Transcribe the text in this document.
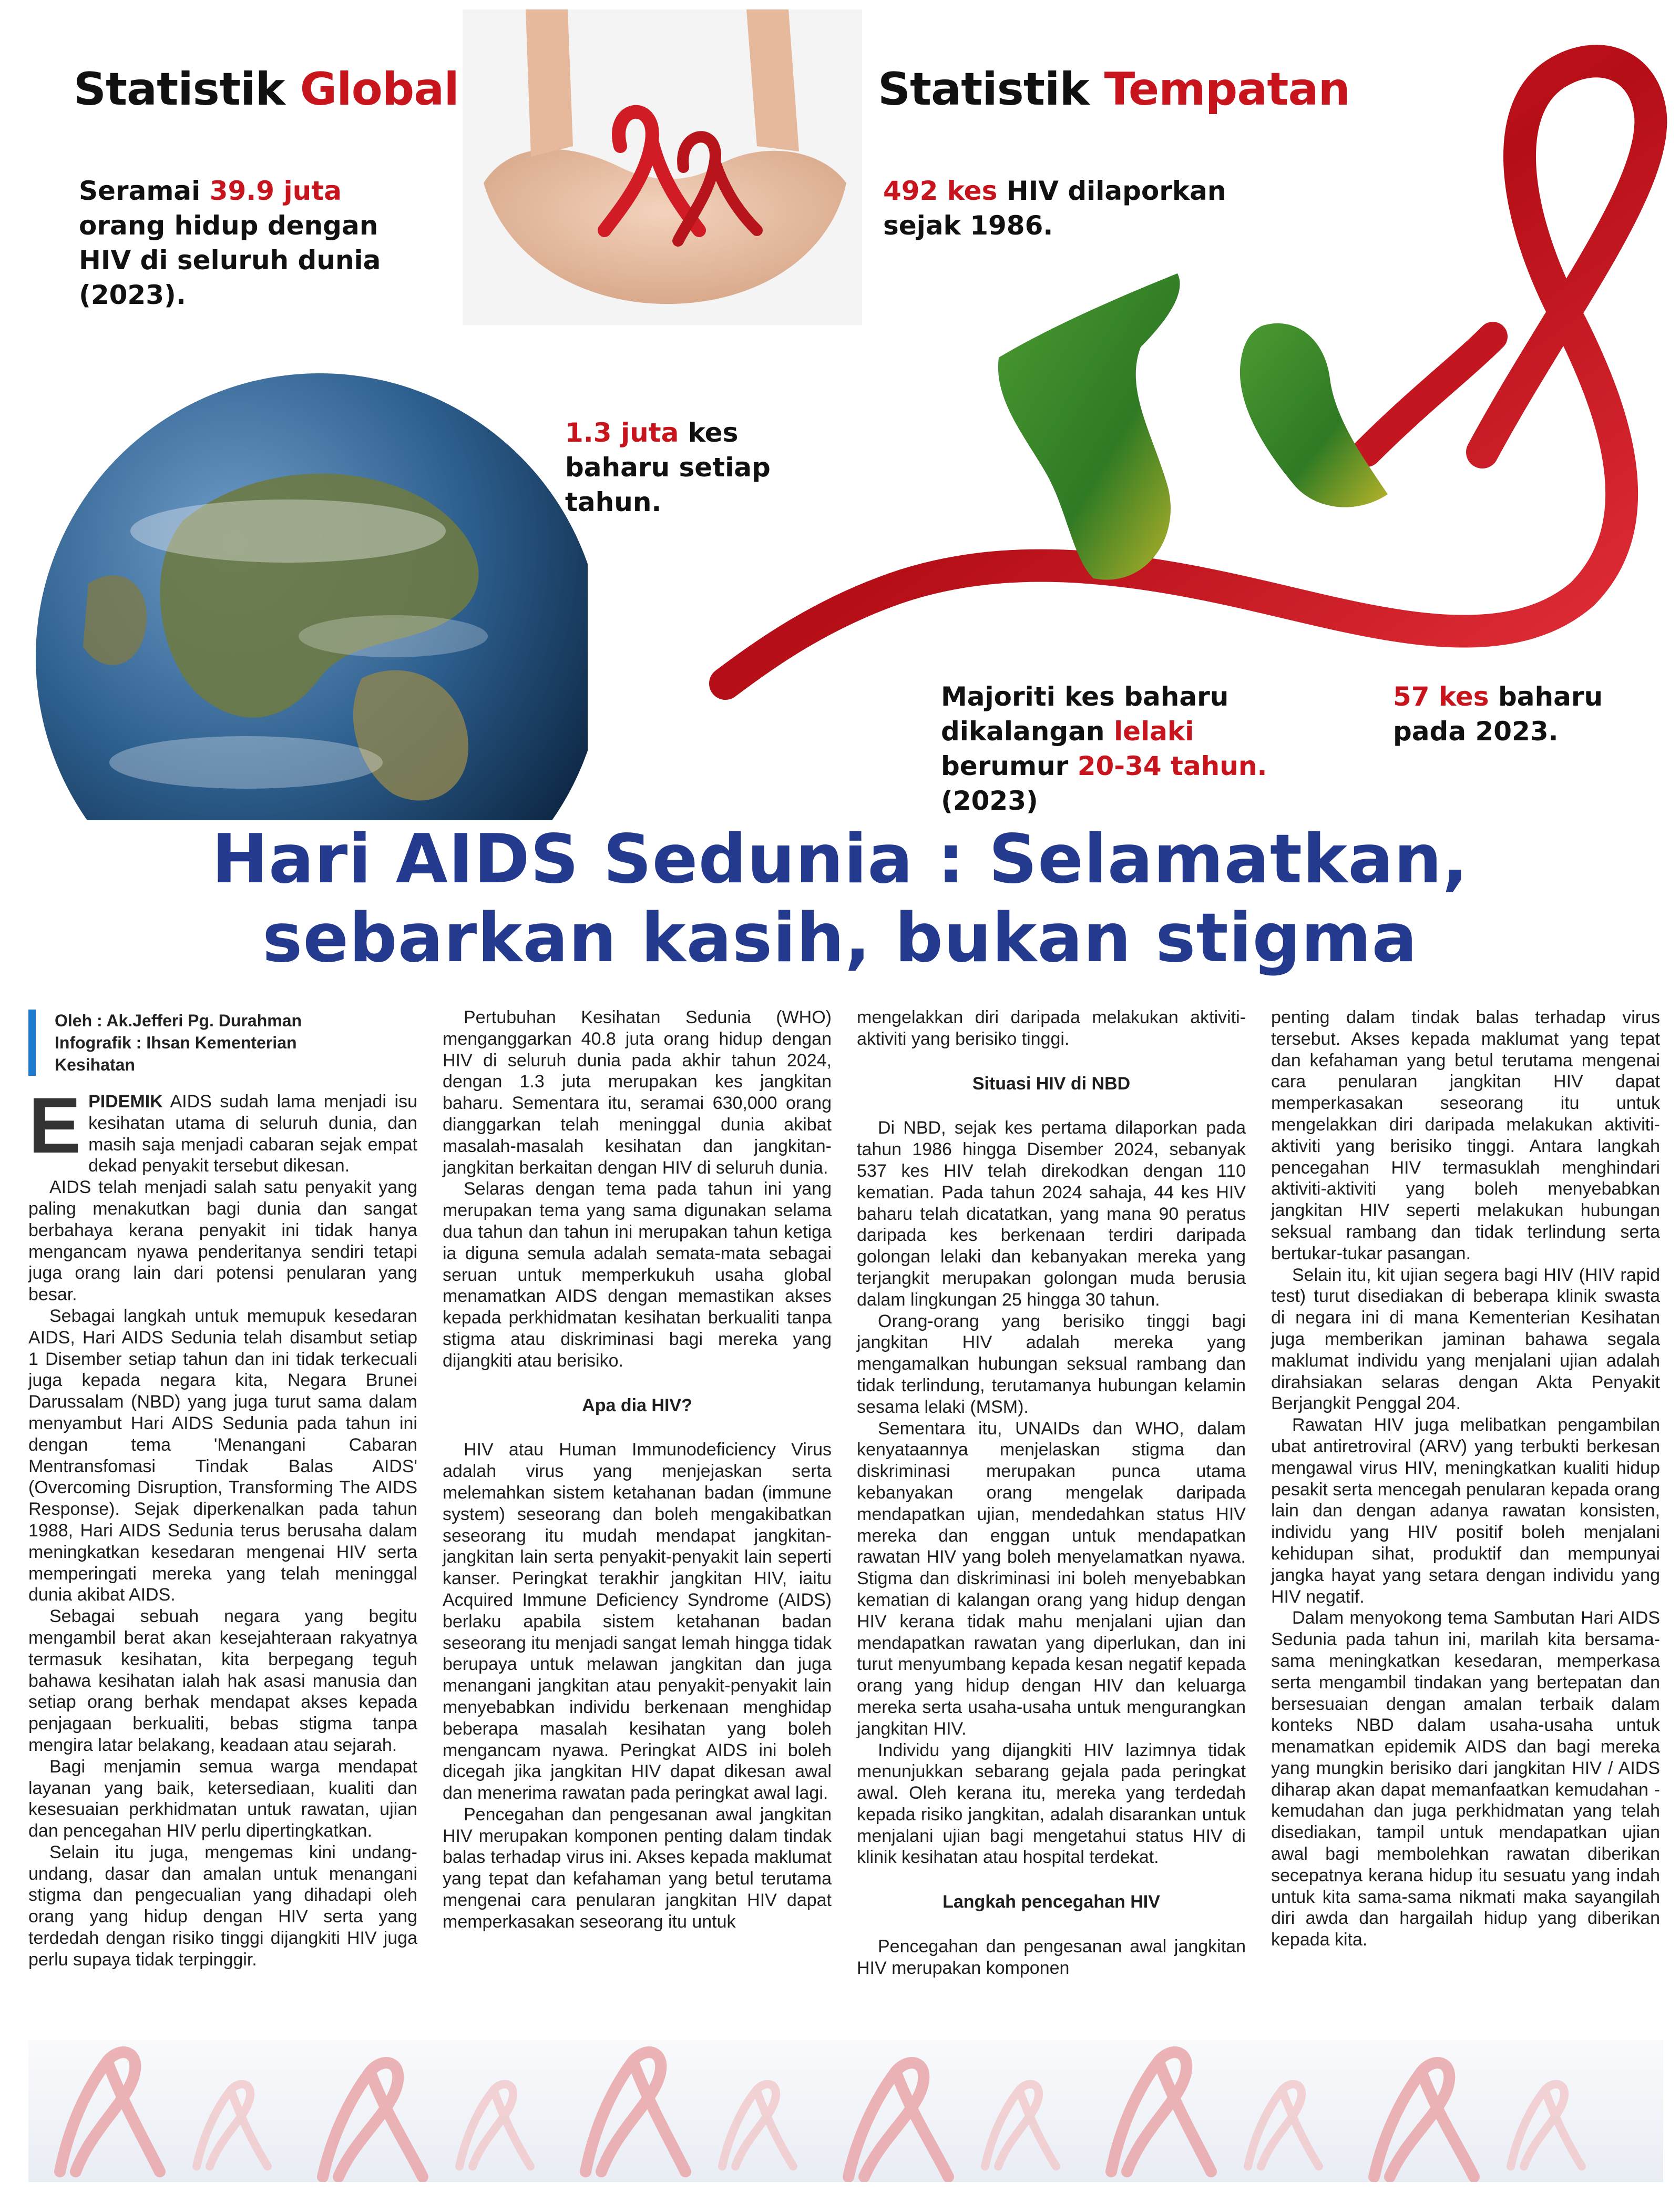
Statistik Global	Statistik Tempatan
Seramai 39.9 juta orang hidup dengan HIV di seluruh dunia (2023).
1.3 juta kes baharu setiap tahun.
492 kes HIV dilaporkan sejak 1986.
Majoriti kes baharu dikalangan lelaki berumur 20-34 tahun. (2023)
57 kes baharu pada 2023.
Hari AIDS Sedunia : Selamatkan,
sebarkan kasih, bukan stigma
Oleh : Ak.Jefferi Pg. Durahman
Infografik : Ihsan Kementerian
Kesihatan

EPIDEMIK AIDS sudah lama menjadi isu kesihatan utama di seluruh dunia, dan masih saja menjadi cabaran sejak empat dekad penyakit tersebut dikesan.

AIDS telah menjadi salah satu penyakit yang paling menakutkan bagi dunia dan sangat berbahaya kerana penyakit ini tidak hanya mengancam nyawa penderitanya sendiri tetapi juga orang lain dari potensi penularan yang besar.

Sebagai langkah untuk memupuk kesedaran AIDS, Hari AIDS Sedunia telah disambut setiap 1 Disember setiap tahun dan ini tidak terkecuali juga kepada negara kita, Negara Brunei Darussalam (NBD) yang juga turut sama dalam menyambut Hari AIDS Sedunia pada tahun ini dengan tema 'Menangani Cabaran Mentransfomasi Tindak Balas AIDS' (Overcoming Disruption, Transforming The AIDS Response). Sejak diperkenalkan pada tahun 1988, Hari AIDS Sedunia terus berusaha dalam meningkatkan kesedaran mengenai HIV serta memperingati mereka yang telah meninggal dunia akibat AIDS.

Sebagai sebuah negara yang begitu mengambil berat akan kesejahteraan rakyatnya termasuk kesihatan, kita berpegang teguh bahawa kesihatan ialah hak asasi manusia dan setiap orang berhak mendapat akses kepada penjagaan berkualiti, bebas stigma tanpa mengira latar belakang, keadaan atau sejarah.

Bagi menjamin semua warga mendapat layanan yang baik, ketersediaan, kualiti dan kesesuaian perkhidmatan untuk rawatan, ujian dan pencegahan HIV perlu dipertingkatkan.

Selain itu juga, mengemas kini undang-undang, dasar dan amalan untuk menangani stigma dan pengecualian yang dihadapi oleh orang yang hidup dengan HIV serta yang terdedah dengan risiko tinggi dijangkiti HIV juga perlu supaya tidak terpinggir.

Pertubuhan Kesihatan Sedunia (WHO) menganggarkan 40.8 juta orang hidup dengan HIV di seluruh dunia pada akhir tahun 2024, dengan 1.3 juta merupakan kes jangkitan baharu. Sementara itu, seramai 630,000 orang dianggarkan telah meninggal dunia akibat masalah-masalah kesihatan dan jangkitan-jangkitan berkaitan dengan HIV di seluruh dunia.

Selaras dengan tema pada tahun ini yang merupakan tema yang sama digunakan selama dua tahun dan tahun ini merupakan tahun ketiga ia diguna semula adalah semata-mata sebagai seruan untuk memperkukuh usaha global menamatkan AIDS dengan memastikan akses kepada perkhidmatan kesihatan berkualiti tanpa stigma atau diskriminasi bagi mereka yang dijangkiti atau berisiko.

Apa dia HIV?

HIV atau Human Immunodeficiency Virus adalah virus yang menjejaskan serta melemahkan sistem ketahanan badan (immune system) seseorang dan boleh mengakibatkan seseorang itu mudah mendapat jangkitan-jangkitan lain serta penyakit-penyakit lain seperti kanser. Peringkat terakhir jangkitan HIV, iaitu Acquired Immune Deficiency Syndrome (AIDS) berlaku apabila sistem ketahanan badan seseorang itu menjadi sangat lemah hingga tidak berupaya untuk melawan jangkitan dan juga menangani jangkitan atau penyakit-penyakit lain menyebabkan individu berkenaan menghidap beberapa masalah kesihatan yang boleh mengancam nyawa. Peringkat AIDS ini boleh dicegah jika jangkitan HIV dapat dikesan awal dan menerima rawatan pada peringkat awal lagi.

Pencegahan dan pengesanan awal jangkitan HIV merupakan komponen penting dalam tindak balas terhadap virus ini. Akses kepada maklumat yang tepat dan kefahaman yang betul terutama mengenai cara penularan jangkitan HIV dapat memperkasakan seseorang itu untuk

mengelakkan diri daripada melakukan aktiviti-aktiviti yang berisiko tinggi.

Situasi HIV di NBD

Di NBD, sejak kes pertama dilaporkan pada tahun 1986 hingga Disember 2024, sebanyak 537 kes HIV telah direkodkan dengan 110 kematian. Pada tahun 2024 sahaja, 44 kes HIV baharu telah dicatatkan, yang mana 90 peratus daripada kes berkenaan terdiri daripada golongan lelaki dan kebanyakan mereka yang terjangkit merupakan golongan muda berusia dalam lingkungan 25 hingga 30 tahun.

Orang-orang yang berisiko tinggi bagi jangkitan HIV adalah mereka yang mengamalkan hubungan seksual rambang dan tidak terlindung, terutamanya hubungan kelamin sesama lelaki (MSM).

Sementara itu, UNAIDs dan WHO, dalam kenyataannya menjelaskan stigma dan diskriminasi merupakan punca utama kebanyakan orang mengelak daripada mendapatkan ujian, mendedahkan status HIV mereka dan enggan untuk mendapatkan rawatan HIV yang boleh menyelamatkan nyawa. Stigma dan diskriminasi ini boleh menyebabkan kematian di kalangan orang yang hidup dengan HIV kerana tidak mahu menjalani ujian dan mendapatkan rawatan yang diperlukan, dan ini turut menyumbang kepada kesan negatif kepada orang yang hidup dengan HIV dan keluarga mereka serta usaha-usaha untuk mengurangkan jangkitan HIV.

Individu yang dijangkiti HIV lazimnya tidak menunjukkan sebarang gejala pada peringkat awal. Oleh kerana itu, mereka yang terdedah kepada risiko jangkitan, adalah disarankan untuk menjalani ujian bagi mengetahui status HIV di klinik kesihatan atau hospital terdekat.

Langkah pencegahan HIV

Pencegahan dan pengesanan awal jangkitan HIV merupakan komponen

penting dalam tindak balas terhadap virus tersebut. Akses kepada maklumat yang tepat dan kefahaman yang betul terutama mengenai cara penularan jangkitan HIV dapat memperkasakan seseorang itu untuk mengelakkan diri daripada melakukan aktiviti-aktiviti yang berisiko tinggi. Antara langkah pencegahan HIV termasuklah menghindari aktiviti-aktiviti yang boleh menyebabkan jangkitan HIV seperti melakukan hubungan seksual rambang dan tidak terlindung serta bertukar-tukar pasangan.

Selain itu, kit ujian segera bagi HIV (HIV rapid test) turut disediakan di beberapa klinik swasta di negara ini di mana Kementerian Kesihatan juga memberikan jaminan bahawa segala maklumat individu yang menjalani ujian adalah dirahsiakan selaras dengan Akta Penyakit Berjangkit Penggal 204.

Rawatan HIV juga melibatkan pengambilan ubat antiretroviral (ARV) yang terbukti berkesan mengawal virus HIV, meningkatkan kualiti hidup pesakit serta mencegah penularan kepada orang lain dan dengan adanya rawatan konsisten, individu yang HIV positif boleh menjalani kehidupan sihat, produktif dan mempunyai jangka hayat yang setara dengan individu yang HIV negatif.

Dalam menyokong tema Sambutan Hari AIDS Sedunia pada tahun ini, marilah kita bersama-sama meningkatkan kesedaran, memperkasa serta mengambil tindakan yang bertepatan dan bersesuaian dengan amalan terbaik dalam konteks NBD dalam usaha-usaha untuk menamatkan epidemik AIDS dan bagi mereka yang mungkin berisiko dari jangkitan HIV / AIDS diharap akan dapat memanfaatkan kemudahan - kemudahan dan juga perkhidmatan yang telah disediakan, tampil untuk mendapatkan ujian awal bagi membolehkan rawatan diberikan secepatnya kerana hidup itu sesuatu yang indah untuk kita sama-sama nikmati maka sayangilah diri awda dan hargailah hidup yang diberikan kepada kita.
